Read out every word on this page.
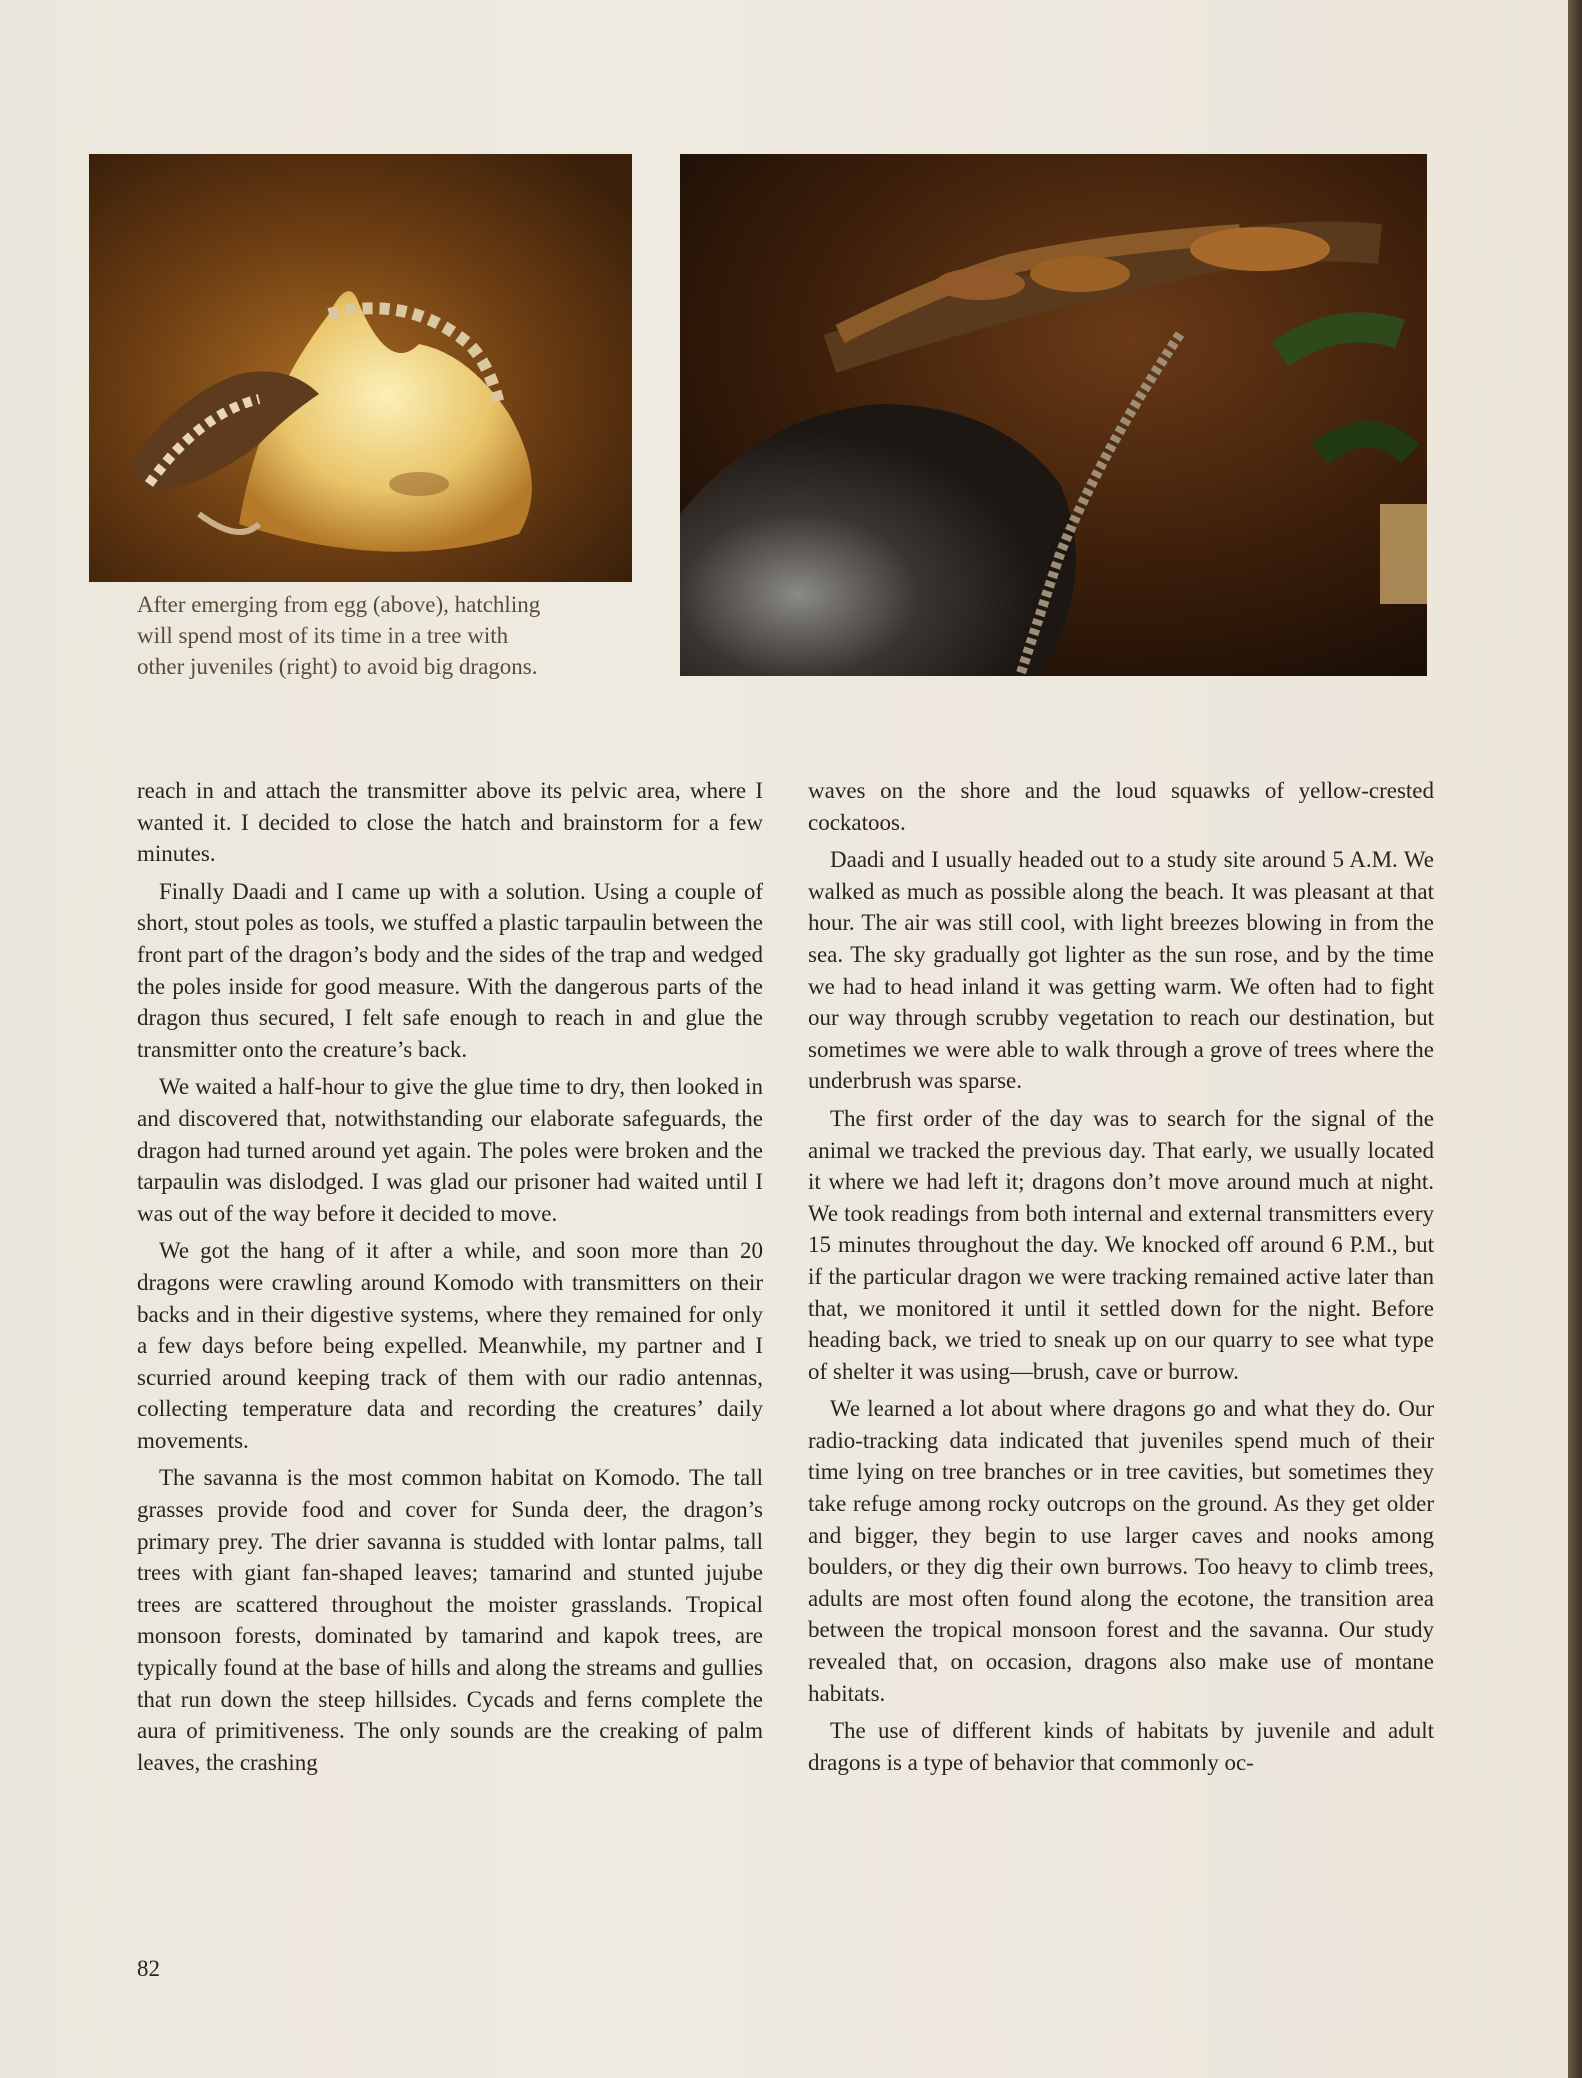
After emerging from egg (above), hatchling
will spend most of its time in a tree with
other juveniles (right) to avoid big dragons.

reach in and attach the transmitter above its pelvic area, where I wanted it. I decided to close the hatch and brainstorm for a few minutes.

Finally Daadi and I came up with a solution. Using a couple of short, stout poles as tools, we stuffed a plastic tarpaulin between the front part of the dragon’s body and the sides of the trap and wedged the poles inside for good measure. With the dangerous parts of the dragon thus secured, I felt safe enough to reach in and glue the transmitter onto the creature’s back.

We waited a half-hour to give the glue time to dry, then looked in and discovered that, notwithstanding our elaborate safeguards, the dragon had turned around yet again. The poles were broken and the tarpaulin was dislodged. I was glad our prisoner had waited until I was out of the way before it decided to move.

We got the hang of it after a while, and soon more than 20 dragons were crawling around Komodo with transmitters on their backs and in their digestive systems, where they remained for only a few days before being expelled. Meanwhile, my partner and I scurried around keeping track of them with our radio antennas, collecting temperature data and recording the creatures’ daily movements.

The savanna is the most common habitat on Komodo. The tall grasses provide food and cover for Sunda deer, the dragon’s primary prey. The drier savanna is studded with lontar palms, tall trees with giant fan-shaped leaves; tamarind and stunted jujube trees are scattered throughout the moister grasslands. Tropical monsoon forests, dominated by tamarind and kapok trees, are typically found at the base of hills and along the streams and gullies that run down the steep hillsides. Cycads and ferns complete the aura of primitiveness. The only sounds are the creaking of palm leaves, the crashing

waves on the shore and the loud squawks of yellow-crested cockatoos.

Daadi and I usually headed out to a study site around 5 A.M. We walked as much as possible along the beach. It was pleasant at that hour. The air was still cool, with light breezes blowing in from the sea. The sky gradually got lighter as the sun rose, and by the time we had to head inland it was getting warm. We often had to fight our way through scrubby vegetation to reach our destination, but sometimes we were able to walk through a grove of trees where the underbrush was sparse.

The first order of the day was to search for the signal of the animal we tracked the previous day. That early, we usually located it where we had left it; dragons don’t move around much at night. We took readings from both internal and external transmitters every 15 minutes throughout the day. We knocked off around 6 P.M., but if the particular dragon we were tracking remained active later than that, we monitored it until it settled down for the night. Before heading back, we tried to sneak up on our quarry to see what type of shelter it was using—brush, cave or burrow.

We learned a lot about where dragons go and what they do. Our radio-tracking data indicated that juveniles spend much of their time lying on tree branches or in tree cavities, but sometimes they take refuge among rocky outcrops on the ground. As they get older and bigger, they begin to use larger caves and nooks among boulders, or they dig their own burrows. Too heavy to climb trees, adults are most often found along the ecotone, the transition area between the tropical monsoon forest and the savanna. Our study revealed that, on occasion, dragons also make use of montane habitats.

The use of different kinds of habitats by juvenile and adult dragons is a type of behavior that commonly oc-

82
